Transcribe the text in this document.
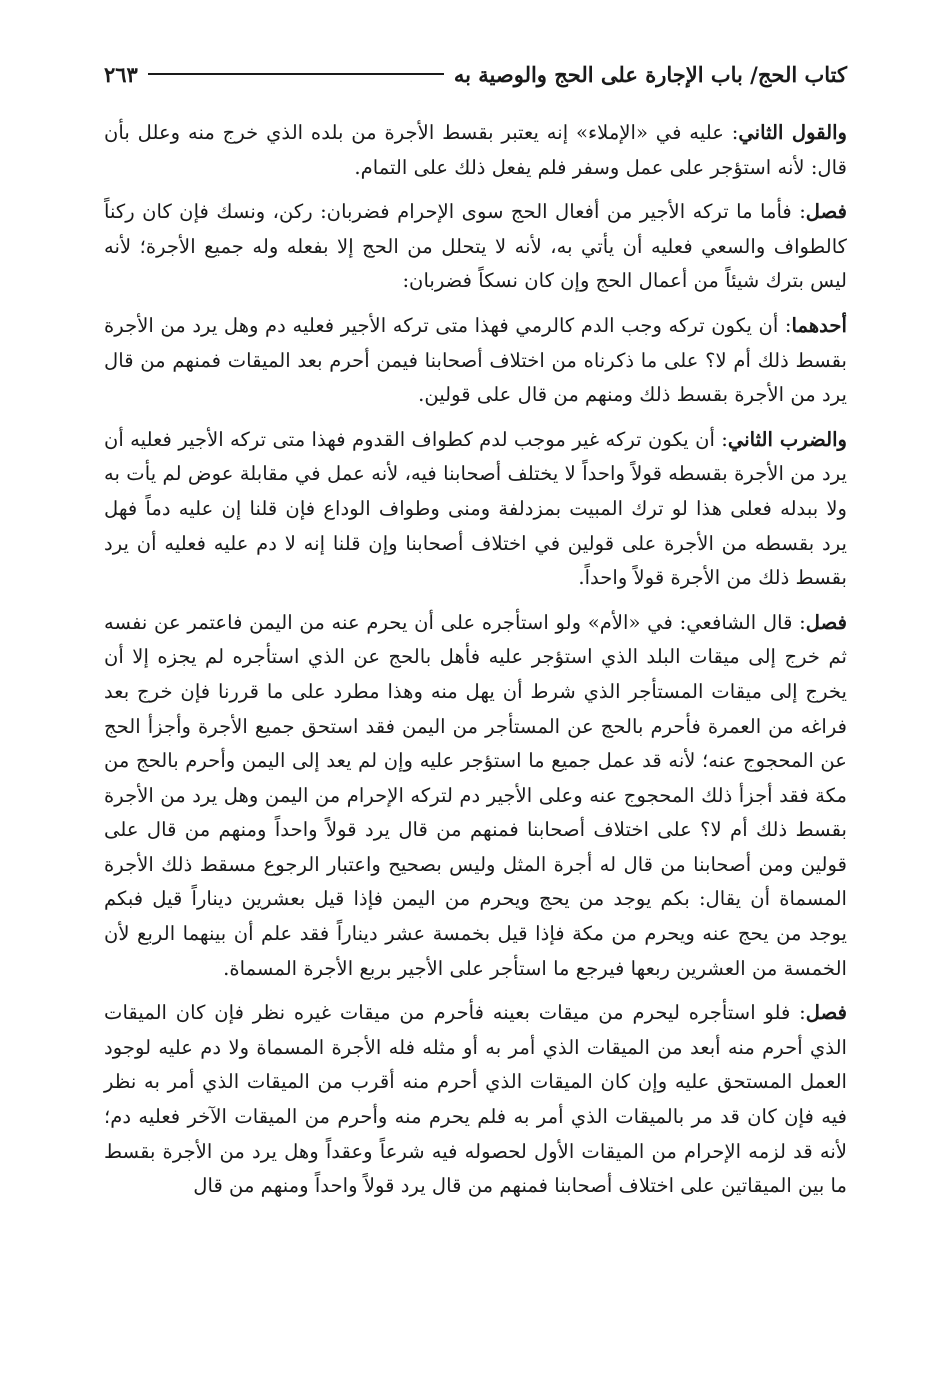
كتاب الحج/ باب الإجارة على الحج والوصية به
٢٦٣

والقول الثاني: عليه في «الإملاء» إنه يعتبر بقسط الأجرة من بلده الذي خرج منه وعلل بأن قال: لأنه استؤجر على عمل وسفر فلم يفعل ذلك على التمام.

فصل: فأما ما تركه الأجير من أفعال الحج سوى الإحرام فضربان: ركن، ونسك فإن كان ركناً كالطواف والسعي فعليه أن يأتي به، لأنه لا يتحلل من الحج إلا بفعله وله جميع الأجرة؛ لأنه ليس بترك شيئاً من أعمال الحج وإن كان نسكاً فضربان:

أحدهما: أن يكون تركه وجب الدم كالرمي فهذا متى تركه الأجير فعليه دم وهل يرد من الأجرة بقسط ذلك أم لا؟ على ما ذكرناه من اختلاف أصحابنا فيمن أحرم بعد الميقات فمنهم من قال يرد من الأجرة بقسط ذلك ومنهم من قال على قولين.

والضرب الثاني: أن يكون تركه غير موجب لدم كطواف القدوم فهذا متى تركه الأجير فعليه أن يرد من الأجرة بقسطه قولاً واحداً لا يختلف أصحابنا فيه، لأنه عمل في مقابلة عوض لم يأت به ولا ببدله فعلى هذا لو ترك المبيت بمزدلفة ومنى وطواف الوداع فإن قلنا إن عليه دماً فهل يرد بقسطه من الأجرة على قولين في اختلاف أصحابنا وإن قلنا إنه لا دم عليه فعليه أن يرد بقسط ذلك من الأجرة قولاً واحداً.

فصل: قال الشافعي: في «الأم» ولو استأجره على أن يحرم عنه من اليمن فاعتمر عن نفسه ثم خرج إلى ميقات البلد الذي استؤجر عليه فأهل بالحج عن الذي استأجره لم يجزه إلا أن يخرج إلى ميقات المستأجر الذي شرط أن يهل منه وهذا مطرد على ما قررنا فإن خرج بعد فراغه من العمرة فأحرم بالحج عن المستأجر من اليمن فقد استحق جميع الأجرة وأجزأ الحج عن المحجوج عنه؛ لأنه قد عمل جميع ما استؤجر عليه وإن لم يعد إلى اليمن وأحرم بالحج من مكة فقد أجزأ ذلك المحجوج عنه وعلى الأجير دم لتركه الإحرام من اليمن وهل يرد من الأجرة بقسط ذلك أم لا؟ على اختلاف أصحابنا فمنهم من قال يرد قولاً واحداً ومنهم من قال على قولين ومن أصحابنا من قال له أجرة المثل وليس بصحيح واعتبار الرجوع مسقط ذلك الأجرة المسماة أن يقال: بكم يوجد من يحج ويحرم من اليمن فإذا قيل بعشرين ديناراً قيل فبكم يوجد من يحج عنه ويحرم من مكة فإذا قيل بخمسة عشر ديناراً فقد علم أن بينهما الربع لأن الخمسة من العشرين ربعها فيرجع ما استأجر على الأجير بربع الأجرة المسماة.

فصل: فلو استأجره ليحرم من ميقات بعينه فأحرم من ميقات غيره نظر فإن كان الميقات الذي أحرم منه أبعد من الميقات الذي أمر به أو مثله فله الأجرة المسماة ولا دم عليه لوجود العمل المستحق عليه وإن كان الميقات الذي أحرم منه أقرب من الميقات الذي أمر به نظر فيه فإن كان قد مر بالميقات الذي أمر به فلم يحرم منه وأحرم من الميقات الآخر فعليه دم؛ لأنه قد لزمه الإحرام من الميقات الأول لحصوله فيه شرعاً وعقداً وهل يرد من الأجرة بقسط ما بين الميقاتين على اختلاف أصحابنا فمنهم من قال يرد قولاً واحداً ومنهم من قال
